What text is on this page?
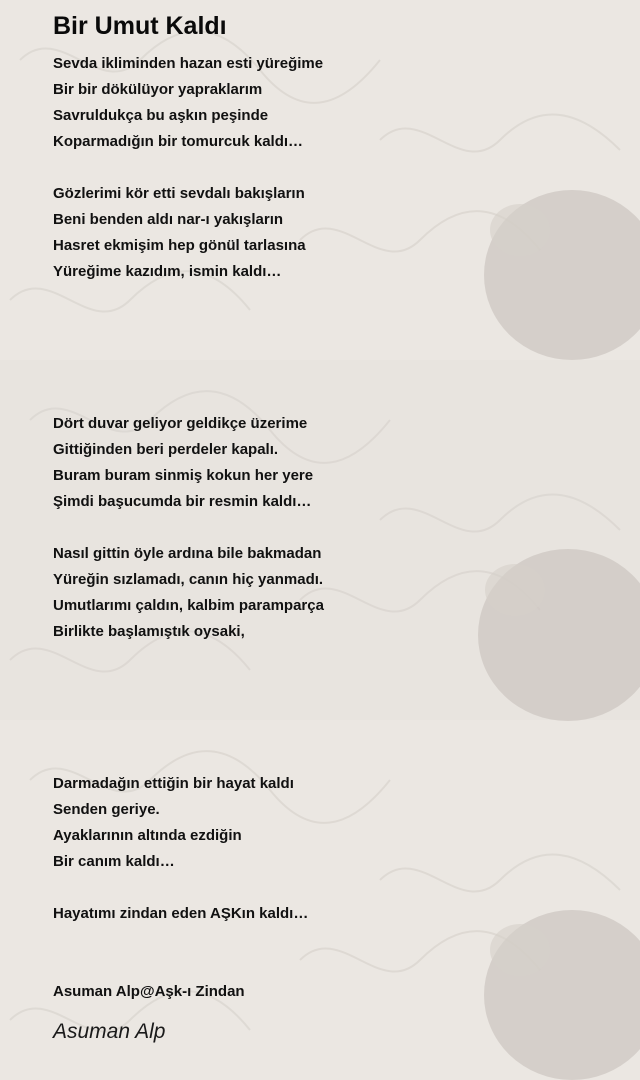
Bir Umut Kaldı
Sevda ikliminden hazan esti yüreğime
Bir bir dökülüyor yapraklarım
Savruldukça bu aşkın peşinde
Koparmadığın bir tomurcuk kaldı…
Gözlerimi kör etti sevdalı bakışların
Beni benden aldı nar-ı yakışların
Hasret ekmişim hep gönül tarlasına
Yüreğime kazıdım, ismin kaldı…
Dört duvar geliyor geldikçe üzerime
Gittiğinden beri perdeler kapalı.
Buram buram sinmiş kokun her yere
Şimdi başucumda bir resmin kaldı…
Nasıl gittin öyle ardına bile bakmadan
Yüreğin sızlamadı, canın hiç yanmadı.
Umutlarımı çaldın, kalbim paramparça
Birlikte başlamıştık oysaki,
Darmadağın ettiğin bir hayat kaldı
Senden geriye.
Ayaklarının altında ezdiğin
Bir canım kaldı…
Hayatımı zindan eden AŞKın kaldı…
Asuman Alp@Aşk-ı Zindan
Asuman Alp
